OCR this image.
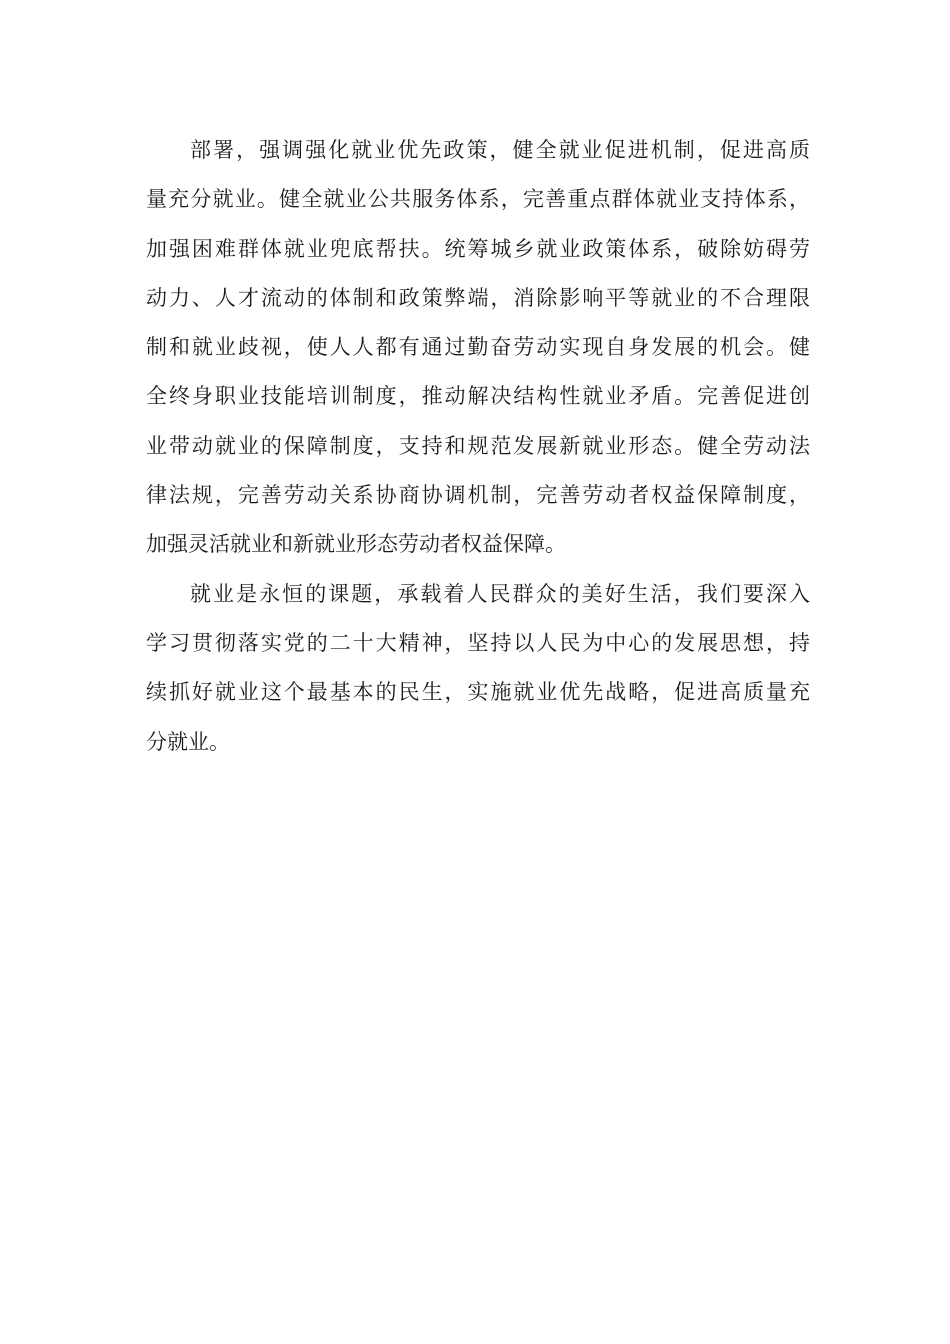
部署，强调强化就业优先政策，健全就业促进机制，促进高质
量充分就业。健全就业公共服务体系，完善重点群体就业支持体系，
加强困难群体就业兜底帮扶。统筹城乡就业政策体系，破除妨碍劳
动力、人才流动的体制和政策弊端，消除影响平等就业的不合理限
制和就业歧视，使人人都有通过勤奋劳动实现自身发展的机会。健
全终身职业技能培训制度，推动解决结构性就业矛盾。完善促进创
业带动就业的保障制度，支持和规范发展新就业形态。健全劳动法
律法规，完善劳动关系协商协调机制，完善劳动者权益保障制度，
加强灵活就业和新就业形态劳动者权益保障。
就业是永恒的课题，承载着人民群众的美好生活，我们要深入
学习贯彻落实党的二十大精神，坚持以人民为中心的发展思想，持
续抓好就业这个最基本的民生，实施就业优先战略，促进高质量充
分就业。
